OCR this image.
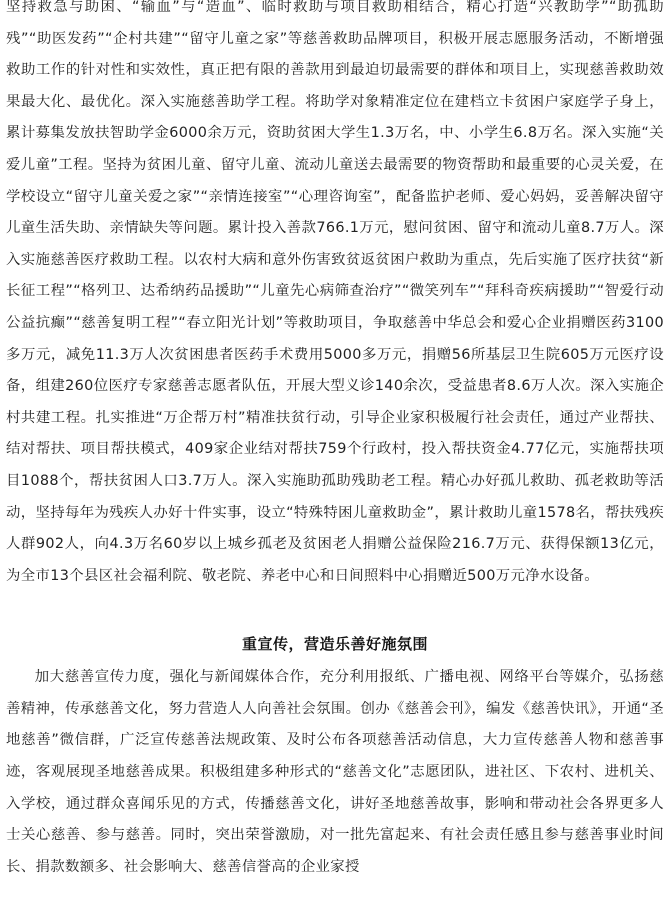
坚持救急与助困、“输血”与“造血”、临时救助与项目救助相结合，精心打造“兴教助学”“助孤助残”“助医发药”“企村共建”“留守儿童之家”等慈善救助品牌项目，积极开展志愿服务活动，不断增强救助工作的针对性和实效性，真正把有限的善款用到最迫切最需要的群体和项目上，实现慈善救助效果最大化、最优化。深入实施慈善助学工程。将助学对象精准定位在建档立卡贫困户家庭学子身上，累计募集发放扶智助学金6000余万元，资助贫困大学生1.3万名，中、小学生6.8万名。深入实施“关爱儿童”工程。坚持为贫困儿童、留守儿童、流动儿童送去最需要的物资帮助和最重要的心灵关爱，在学校设立“留守儿童关爱之家”“亲情连接室”“心理咨询室”，配备监护老师、爱心妈妈，妥善解决留守儿童生活失助、亲情缺失等问题。累计投入善款766.1万元，慰问贫困、留守和流动儿童8.7万人。深入实施慈善医疗救助工程。以农村大病和意外伤害致贫返贫困户救助为重点，先后实施了医疗扶贫“新长征工程”“格列卫、达希纳药品援助”“儿童先心病筛查治疗”“微笑列车”“拜科奇疾病援助”“智爱行动公益抗癫”“慈善复明工程”“春立阳光计划”等救助项目，争取慈善中华总会和爱心企业捐赠医药3100多万元，减免11.3万人次贫困患者医药手术费用5000多万元，捐赠56所基层卫生院605万元医疗设备，组建260位医疗专家慈善志愿者队伍，开展大型义诊140余次，受益患者8.6万人次。深入实施企村共建工程。扎实推进“万企帮万村”精准扶贫行动，引导企业家积极履行社会责任，通过产业帮扶、结对帮扶、项目帮扶模式，409家企业结对帮扶759个行政村，投入帮扶资金4.77亿元，实施帮扶项目1088个，帮扶贫困人口3.7万人。深入实施助孤助残助老工程。精心办好孤儿救助、孤老救助等活动，坚持每年为残疾人办好十件实事，设立“特殊特困儿童救助金”，累计救助儿童1578名，帮扶残疾人群902人，向4.3万名60岁以上城乡孤老及贫困老人捐赠公益保险216.7万元、获得保额13亿元，为全市13个县区社会福利院、敬老院、养老中心和日间照料中心捐赠近500万元净水设备。

重宣传，营造乐善好施氛围

加大慈善宣传力度，强化与新闻媒体合作，充分利用报纸、广播电视、网络平台等媒介，弘扬慈善精神，传承慈善文化，努力营造人人向善社会氛围。创办《慈善会刊》，编发《慈善快讯》，开通“圣地慈善”微信群，广泛宣传慈善法规政策、及时公布各项慈善活动信息，大力宣传慈善人物和慈善事迹，客观展现圣地慈善成果。积极组建多种形式的“慈善文化”志愿团队，进社区、下农村、进机关、入学校，通过群众喜闻乐见的方式，传播慈善文化，讲好圣地慈善故事，影响和带动社会各界更多人士关心慈善、参与慈善。同时，突出荣誉激励，对一批先富起来、有社会责任感且参与慈善事业时间长、捐款数额多、社会影响大、慈善信誉高的企业家授
